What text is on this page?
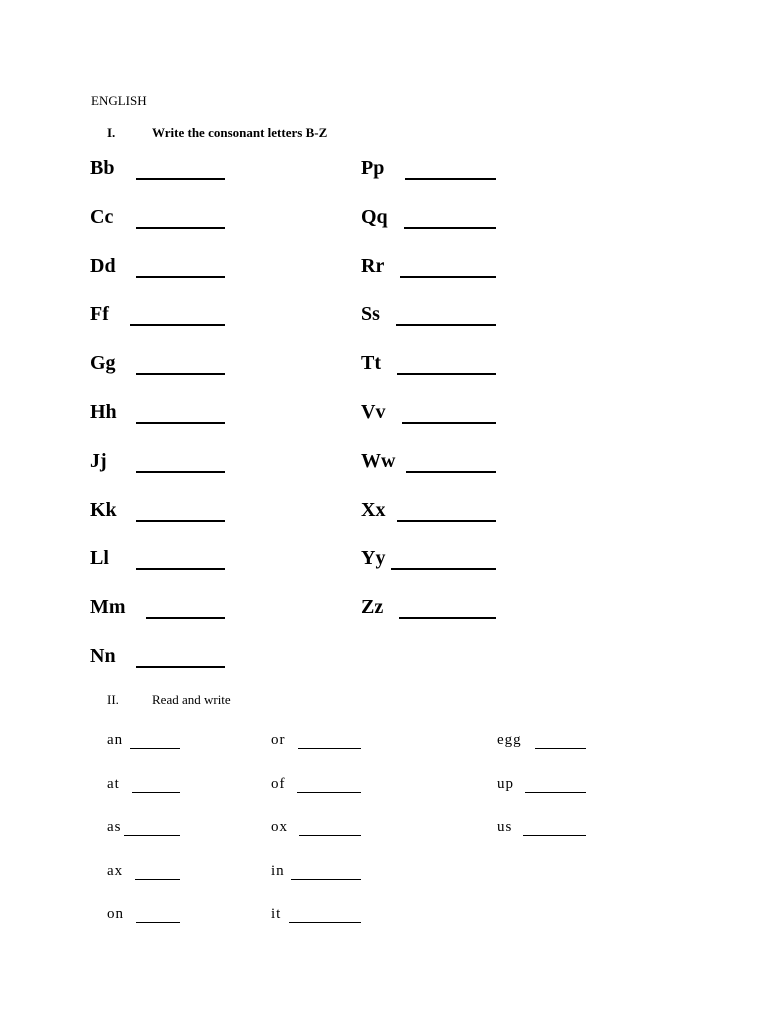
ENGLISH
I.	Write the consonant letters B-Z
Bb
Cc
Dd
Ff
Gg
Hh
Jj
Kk
Ll
Mm
Nn
Pp
Qq
Rr
Ss
Tt
Vv
Ww
Xx
Yy
Zz
II.	Read and write
an
at
as
ax
on
or
of
ox
in
it
egg
up
us
